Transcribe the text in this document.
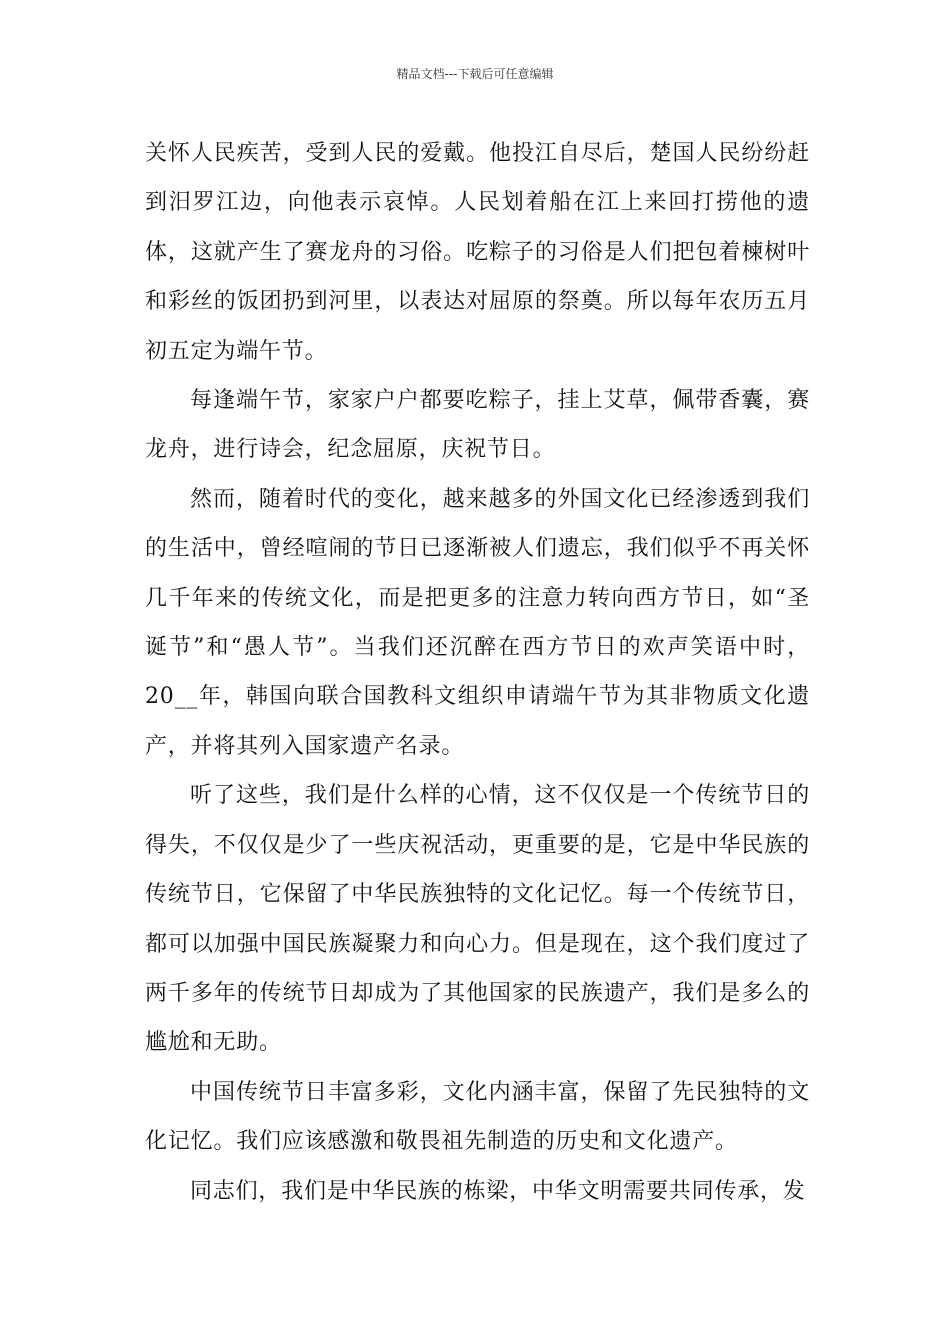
精品文档---下载后可任意编辑

关怀人民疾苦，受到人民的爱戴。他投江自尽后，楚国人民纷纷赶到汨罗江边，向他表示哀悼。人民划着船在江上来回打捞他的遗体，这就产生了赛龙舟的习俗。吃粽子的习俗是人们把包着楝树叶和彩丝的饭团扔到河里，以表达对屈原的祭奠。所以每年农历五月初五定为端午节。

每逢端午节，家家户户都要吃粽子，挂上艾草，佩带香囊，赛龙舟，进行诗会，纪念屈原，庆祝节日。

然而，随着时代的变化，越来越多的外国文化已经渗透到我们的生活中，曾经喧闹的节日已逐渐被人们遗忘，我们似乎不再关怀几千年来的传统文化，而是把更多的注意力转向西方节日，如“圣诞节”和“愚人节”。当我们还沉醉在西方节日的欢声笑语中时，20__年，韩国向联合国教科文组织申请端午节为其非物质文化遗产，并将其列入国家遗产名录。

听了这些，我们是什么样的心情，这不仅仅是一个传统节日的得失，不仅仅是少了一些庆祝活动，更重要的是，它是中华民族的传统节日，它保留了中华民族独特的文化记忆。每一个传统节日，都可以加强中国民族凝聚力和向心力。但是现在，这个我们度过了两千多年的传统节日却成为了其他国家的民族遗产，我们是多么的尴尬和无助。

中国传统节日丰富多彩，文化内涵丰富，保留了先民独特的文化记忆。我们应该感激和敬畏祖先制造的历史和文化遗产。

同志们，我们是中华民族的栋梁，中华文明需要共同传承，发
